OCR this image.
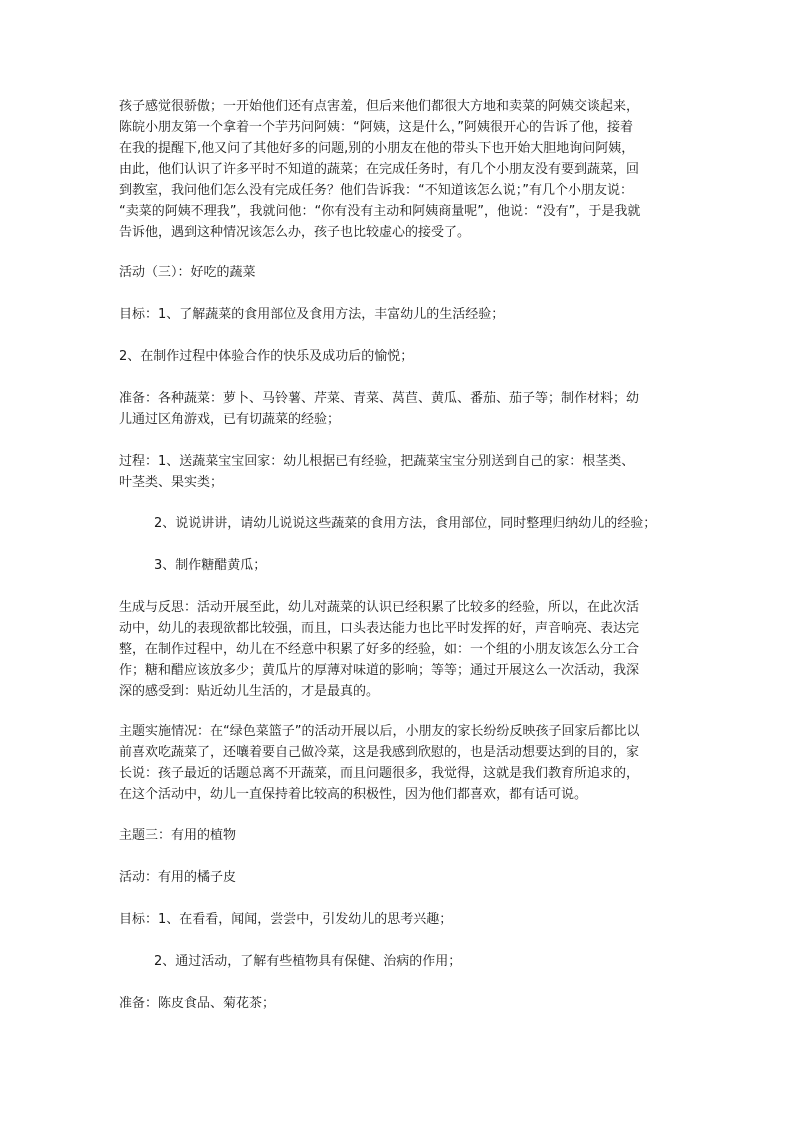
孩子感觉很骄傲；一开始他们还有点害羞，但后来他们都很大方地和卖菜的阿姨交谈起来，
陈皖小朋友第一个拿着一个芋艿问阿姨：“阿姨，这是什么，”阿姨很开心的告诉了他，接着
在我的提醒下,他又问了其他好多的问题,别的小朋友在他的带头下也开始大胆地询问阿姨，
由此，他们认识了许多平时不知道的蔬菜；在完成任务时，有几个小朋友没有要到蔬菜，回
到教室，我问他们怎么没有完成任务？他们告诉我：“不知道该怎么说；”有几个小朋友说：
“卖菜的阿姨不理我”，我就问他：“你有没有主动和阿姨商量呢”，他说：“没有”，于是我就
告诉他，遇到这种情况该怎么办，孩子也比较虚心的接受了。

活动（三）：好吃的蔬菜

目标：1、了解蔬菜的食用部位及食用方法，丰富幼儿的生活经验；

2、在制作过程中体验合作的快乐及成功后的愉悦；

准备：各种蔬菜：萝卜、马铃薯、芹菜、青菜、莴苣、黄瓜、番茄、茄子等；制作材料；幼
儿通过区角游戏，已有切蔬菜的经验；

过程：1、送蔬菜宝宝回家：幼儿根据已有经验，把蔬菜宝宝分别送到自己的家：根茎类、
叶茎类、果实类；

2、说说讲讲，请幼儿说说这些蔬菜的食用方法，食用部位，同时整理归纳幼儿的经验；

3、制作糖醋黄瓜；

生成与反思：活动开展至此，幼儿对蔬菜的认识已经积累了比较多的经验，所以，在此次活
动中，幼儿的表现欲都比较强，而且，口头表达能力也比平时发挥的好，声音响亮、表达完
整，在制作过程中，幼儿在不经意中积累了好多的经验，如：一个组的小朋友该怎么分工合
作；糖和醋应该放多少；黄瓜片的厚薄对味道的影响；等等；通过开展这么一次活动，我深
深的感受到：贴近幼儿生活的，才是最真的。

主题实施情况：在“绿色菜篮子”的活动开展以后，小朋友的家长纷纷反映孩子回家后都比以
前喜欢吃蔬菜了，还嚷着要自己做冷菜，这是我感到欣慰的，也是活动想要达到的目的，家
长说：孩子最近的话题总离不开蔬菜，而且问题很多，我觉得，这就是我们教育所追求的，
在这个活动中，幼儿一直保持着比较高的积极性，因为他们都喜欢，都有话可说。

主题三：有用的植物

活动：有用的橘子皮

目标：1、在看看，闻闻，尝尝中，引发幼儿的思考兴趣；

2、通过活动，了解有些植物具有保健、治病的作用；

准备：陈皮食品、菊花茶；
